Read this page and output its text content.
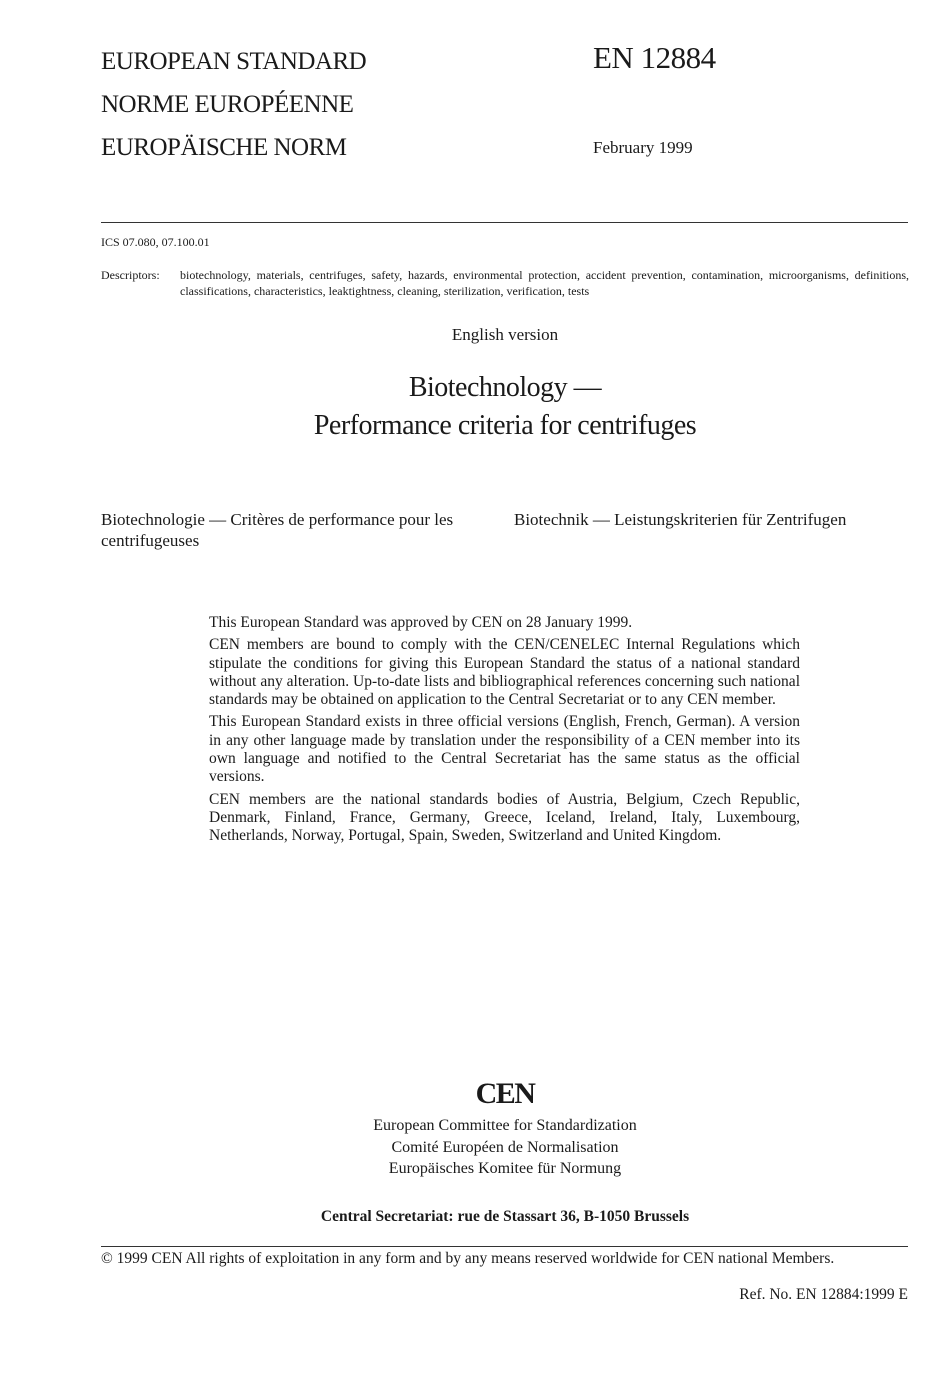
EUROPEAN STANDARD
NORME EUROPÉENNE
EUROPÄISCHE NORM
EN 12884
February 1999
ICS 07.080, 07.100.01
Descriptors: biotechnology, materials, centrifuges, safety, hazards, environmental protection, accident prevention, contamination, microorganisms, definitions, classifications, characteristics, leaktightness, cleaning, sterilization, verification, tests
English version
Biotechnology —
Performance criteria for centrifuges
Biotechnologie — Critères de performance pour les centrifugeuses
Biotechnik — Leistungskriterien für Zentrifugen

This European Standard was approved by CEN on 28 January 1999.

CEN members are bound to comply with the CEN/CENELEC Internal Regulations which stipulate the conditions for giving this European Standard the status of a national standard without any alteration. Up-to-date lists and bibliographical references concerning such national standards may be obtained on application to the Central Secretariat or to any CEN member.

This European Standard exists in three official versions (English, French, German). A version in any other language made by translation under the responsibility of a CEN member into its own language and notified to the Central Secretariat has the same status as the official versions.

CEN members are the national standards bodies of Austria, Belgium, Czech Republic, Denmark, Finland, France, Germany, Greece, Iceland, Ireland, Italy, Luxembourg, Netherlands, Norway, Portugal, Spain, Sweden, Switzerland and United Kingdom.

CEN
European Committee for Standardization
Comité Européen de Normalisation
Europäisches Komitee für Normung
Central Secretariat: rue de Stassart 36, B-1050 Brussels
© 1999 CEN All rights of exploitation in any form and by any means reserved worldwide for CEN national Members.
Ref. No. EN 12884:1999 E
